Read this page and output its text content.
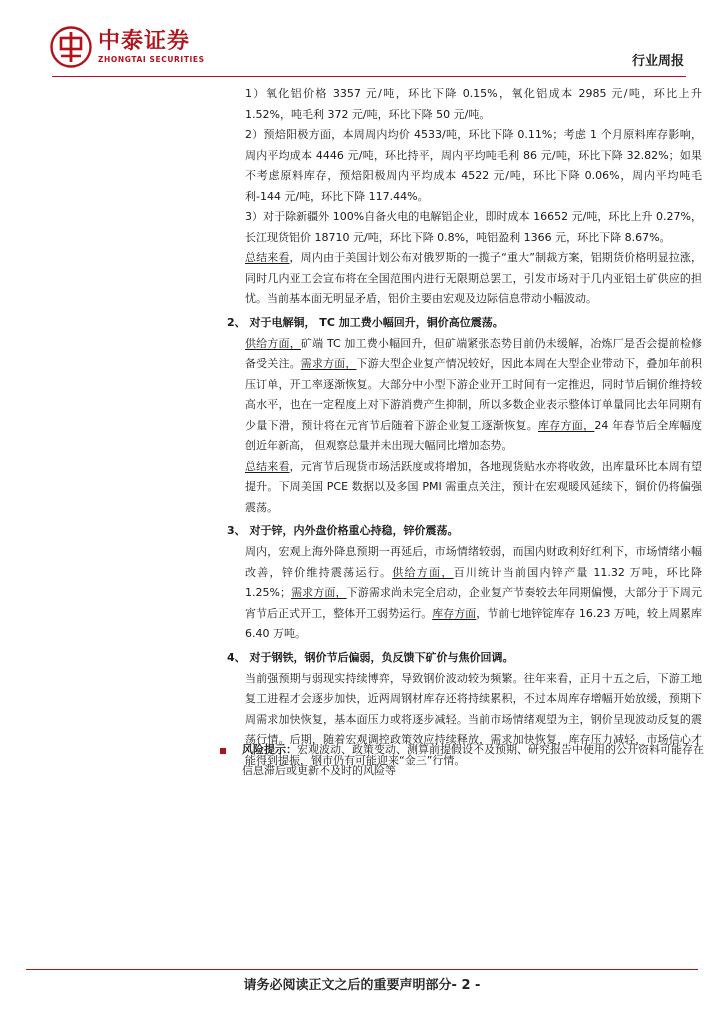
中泰证券
ZHONGTAI SECURITIES	行业周报

1）氧化铝价格 3357 元/吨，环比下降 0.15%，氧化铝成本 2985 元/吨，环比上升 1.52%，吨毛利 372 元/吨，环比下降 50 元/吨。

2）预焙阳极方面，本周周内均价 4533/吨，环比下降 0.11%；考虑 1 个月原料库存影响，周内平均成本 4446 元/吨，环比持平，周内平均吨毛利 86 元/吨，环比下降 32.82%；如果不考虑原料库存，预焙阳极周内平均成本 4522 元/吨，环比下降 0.06%，周内平均吨毛利-144 元/吨，环比下降 117.44%。

3）对于除新疆外 100%自备火电的电解铝企业，即时成本 16652 元/吨，环比上升 0.27%，长江现货铝价 18710 元/吨，环比下降 0.8%，吨铝盈利 1366 元，环比下降 8.67%。

总结来看，周内由于美国计划公布对俄罗斯的一揽子“重大”制裁方案，铝期货价格明显拉涨，同时几内亚工会宣布将在全国范围内进行无限期总罢工，引发市场对于几内亚铝土矿供应的担忧。当前基本面无明显矛盾，铝价主要由宏观及边际信息带动小幅波动。

2、 对于电解铜， TC 加工费小幅回升，铜价高位震荡。

供给方面，矿端 TC 加工费小幅回升，但矿端紧张态势目前仍未缓解，冶炼厂是否会提前检修备受关注。需求方面，下游大型企业复产情况较好，因此本周在大型企业带动下，叠加年前积压订单，开工率逐渐恢复。大部分中小型下游企业开工时间有一定推迟，同时节后铜价维持较高水平，也在一定程度上对下游消费产生抑制，所以多数企业表示整体订单量同比去年同期有少量下滑，预计将在元宵节后随着下游企业复工逐渐恢复。库存方面，24 年春节后全库幅度创近年新高， 但观察总量并未出现大幅同比增加态势。

总结来看，元宵节后现货市场活跃度或将增加，各地现货贴水亦将收敛，出库量环比本周有望提升。下周美国 PCE 数据以及多国 PMI 需重点关注，预计在宏观暖风延续下，铜价仍将偏强震荡。

3、 对于锌，内外盘价格重心持稳，锌价震荡。

周内，宏观上海外降息预期一再延后，市场情绪较弱，而国内财政利好红利下，市场情绪小幅改善，锌价维持震荡运行。供给方面，百川统计当前国内锌产量 11.32 万吨，环比降 1.25%；需求方面，下游需求尚未完全启动，企业复产节奏较去年同期偏慢，大部分于下周元宵节后正式开工，整体开工弱势运行。库存方面，节前七地锌锭库存 16.23 万吨，较上周累库 6.40 万吨。

4、 对于钢铁，钢价节后偏弱，负反馈下矿价与焦价回调。

当前强预期与弱现实持续博弈，导致钢价波动较为频繁。往年来看，正月十五之后，下游工地复工进程才会逐步加快，近两周钢材库存还将持续累积，不过本周库存增幅开始放缓，预期下周需求加快恢复，基本面压力或将逐步减轻。当前市场情绪观望为主，钢价呈现波动反复的震荡行情。后期，随着宏观调控政策效应持续释放，需求加快恢复，库存压力减轻，市场信心才能得到提振，钢市仍有可能迎来“金三”行情。

风险提示：宏观波动、政策变动、测算前提假设不及预期、研究报告中使用的公开资料可能存在信息滞后或更新不及时的风险等
请务必阅读正文之后的重要声明部分- 2 -
